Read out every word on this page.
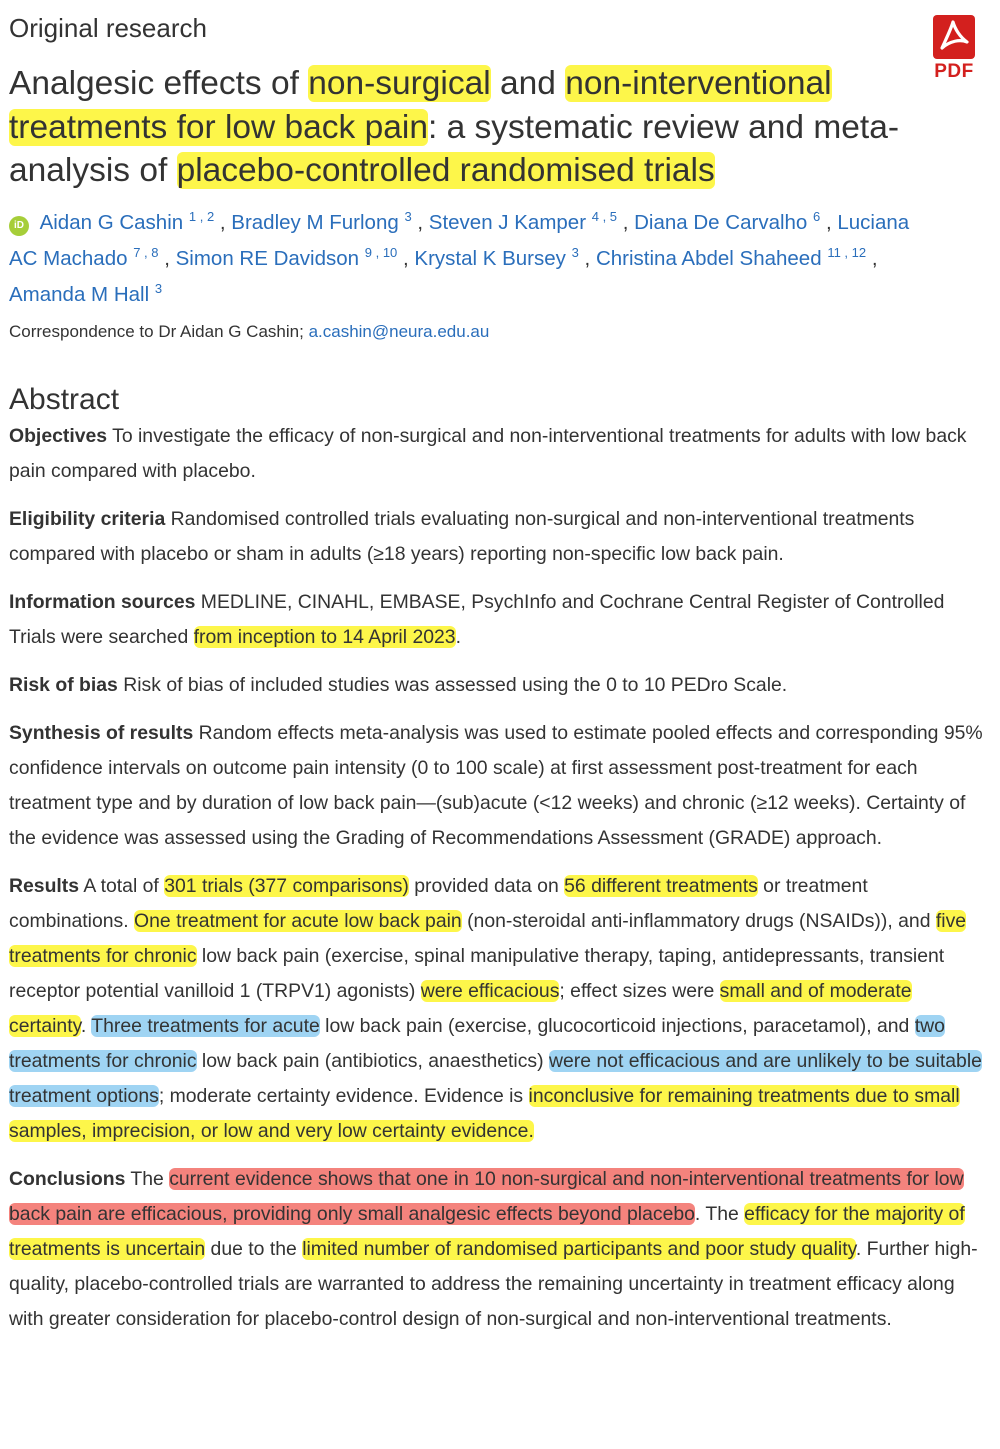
Original research
PDF
Analgesic effects of non-surgical and non-interventional treatments for low back pain: a systematic review and meta-analysis of placebo-controlled randomised trials
iD Aidan G Cashin $^{1 , 2}$ , Bradley M Furlong $^3$ , Steven J Kamper $^{4 , 5}$ , Diana De Carvalho $^6$ , Luciana AC Machado $^{7 , 8}$ , Simon RE Davidson $^{9 , 10}$ , Krystal K Bursey $^3$ , Christina Abdel Shaheed $^{11 , 12}$ , Amanda M Hall $^3$
Correspondence to Dr Aidan G Cashin; a.cashin@neura.edu.au
Abstract

Objectives To investigate the efficacy of non-surgical and non-interventional treatments for adults with low back pain compared with placebo.

Eligibility criteria Randomised controlled trials evaluating non-surgical and non-interventional treatments compared with placebo or sham in adults (≥18 years) reporting non-specific low back pain.

Information sources MEDLINE, CINAHL, EMBASE, PsychInfo and Cochrane Central Register of Controlled Trials were searched from inception to 14 April 2023.

Risk of bias Risk of bias of included studies was assessed using the 0 to 10 PEDro Scale.

Synthesis of results Random effects meta-analysis was used to estimate pooled effects and corresponding 95% confidence intervals on outcome pain intensity (0 to 100 scale) at first assessment post-treatment for each treatment type and by duration of low back pain—(sub)acute (<12 weeks) and chronic (≥12 weeks). Certainty of the evidence was assessed using the Grading of Recommendations Assessment (GRADE) approach.

Results A total of 301 trials (377 comparisons) provided data on 56 different treatments or treatment combinations. One treatment for acute low back pain (non-steroidal anti-inflammatory drugs (NSAIDs)), and five treatments for chronic low back pain (exercise, spinal manipulative therapy, taping, antidepressants, transient receptor potential vanilloid 1 (TRPV1) agonists) were efficacious; effect sizes were small and of moderate certainty. Three treatments for acute low back pain (exercise, glucocorticoid injections, paracetamol), and two treatments for chronic low back pain (antibiotics, anaesthetics) were not efficacious and are unlikely to be suitable treatment options; moderate certainty evidence. Evidence is inconclusive for remaining treatments due to small samples, imprecision, or low and very low certainty evidence.

Conclusions The current evidence shows that one in 10 non-surgical and non-interventional treatments for low back pain are efficacious, providing only small analgesic effects beyond placebo. The efficacy for the majority of treatments is uncertain due to the limited number of randomised participants and poor study quality. Further high-quality, placebo-controlled trials are warranted to address the remaining uncertainty in treatment efficacy along with greater consideration for placebo-control design of non-surgical and non-interventional treatments.
